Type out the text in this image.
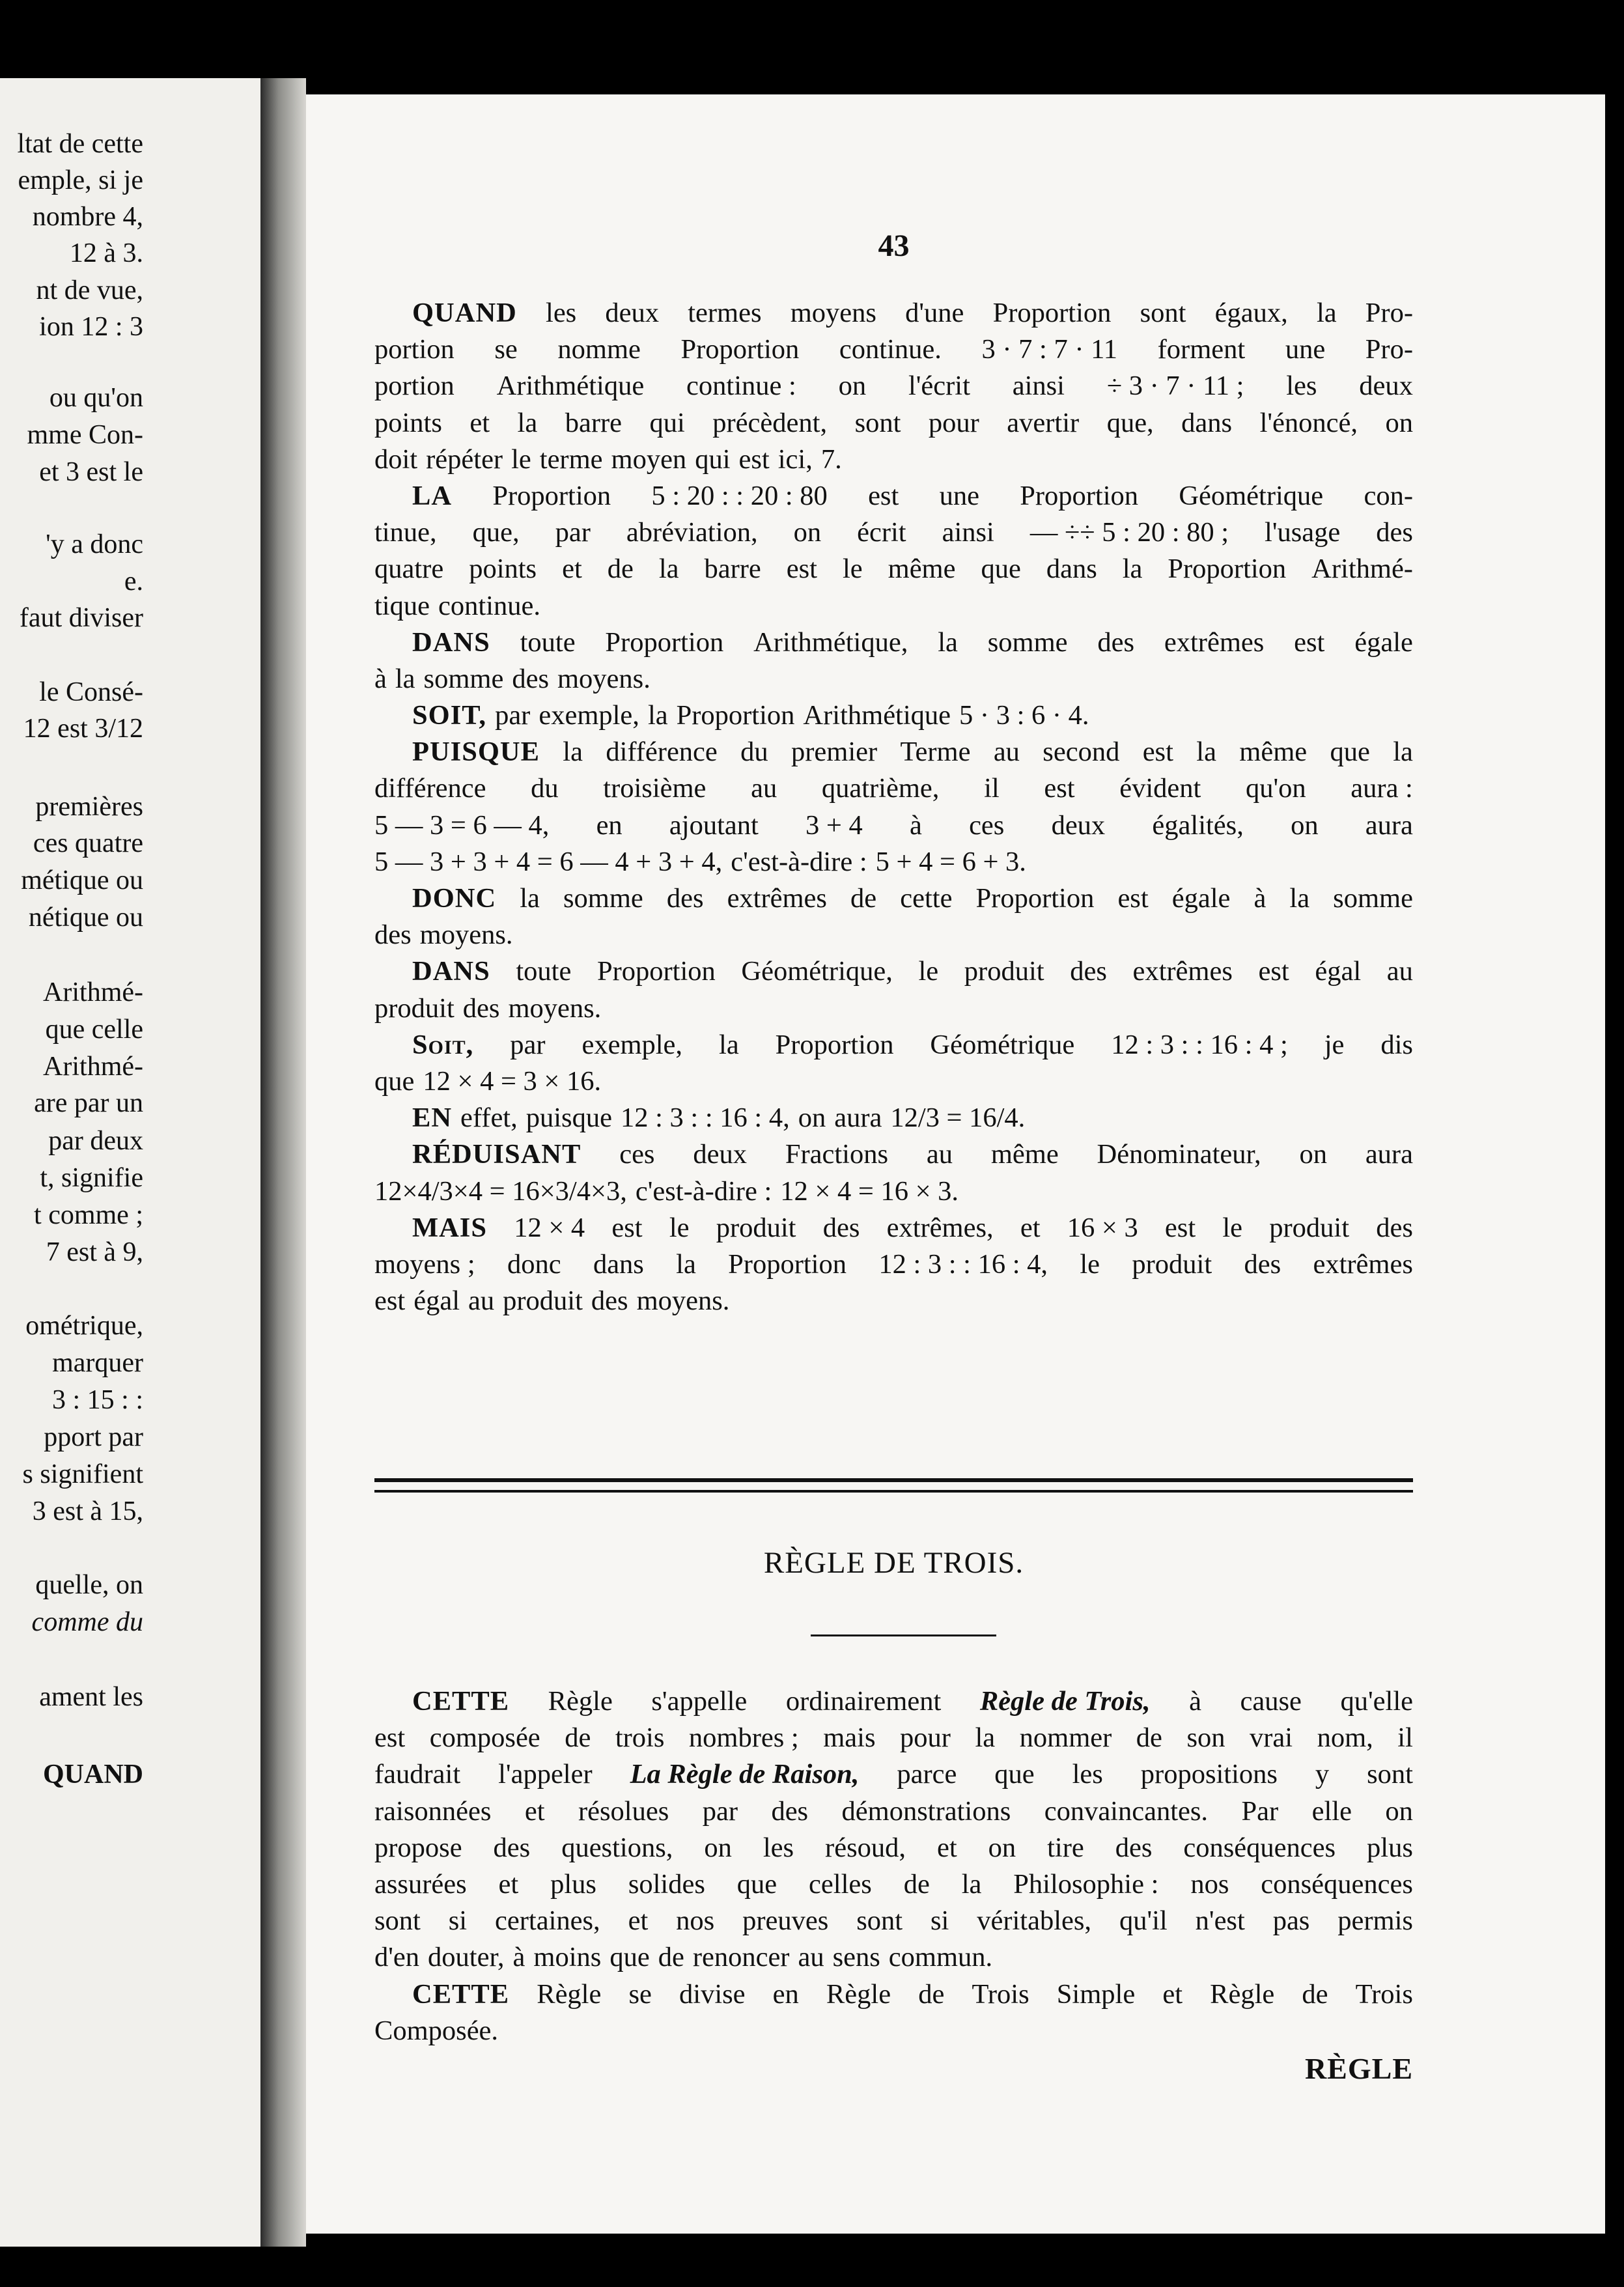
ltat de cette
emple, si je
nombre 4,
12 à 3.
nt de vue,
ion 12 : 3
ou qu'on
mme Con-
et 3 est le
'y a donc
e.
faut diviser
le Consé-
12 est 3/12
premières
ces quatre
métique ou
nétique ou
Arithmé-
que celle
Arithmé-
are par un
par deux
t, signifie
t comme ;
7 est à 9,
ométrique,
marquer
3 : 15 : :
pport par
s signifient
3 est à 15,
quelle, on
comme du
ament les
QUAND
43
QUAND les deux termes moyens d'une Proportion sont égaux, la Pro-
portion se nomme Proportion continue. 3 · 7 : 7 · 11 forment une Pro-
portion Arithmétique continue : on l'écrit ainsi ÷ 3 · 7 · 11 ; les deux
points et la barre qui précèdent, sont pour avertir que, dans l'énoncé, on
doit répéter le terme moyen qui est ici, 7.
LA Proportion 5 : 20 : : 20 : 80 est une Proportion Géométrique con-
tinue, que, par abréviation, on écrit ainsi — ÷÷ 5 : 20 : 80 ; l'usage des
quatre points et de la barre est le même que dans la Proportion Arithmé-
tique continue.
DANS toute Proportion Arithmétique, la somme des extrêmes est égale
à la somme des moyens.
SOIT, par exemple, la Proportion Arithmétique 5 · 3 : 6 · 4.
PUISQUE la différence du premier Terme au second est la même que la
différence du troisième au quatrième, il est évident qu'on aura :
5 — 3 = 6 — 4, en ajoutant 3 + 4 à ces deux égalités, on aura
5 — 3 + 3 + 4 = 6 — 4 + 3 + 4, c'est-à-dire : 5 + 4 = 6 + 3.
DONC la somme des extrêmes de cette Proportion est égale à la somme
des moyens.
DANS toute Proportion Géométrique, le produit des extrêmes est égal au
produit des moyens.
Soit, par exemple, la Proportion Géométrique 12 : 3 : : 16 : 4 ; je dis
que 12 × 4 = 3 × 16.
EN effet, puisque 12 : 3 : : 16 : 4, on aura 12/3 = 16/4.
RÉDUISANT ces deux Fractions au même Dénominateur, on aura
12×4/3×4 = 16×3/4×3, c'est-à-dire : 12 × 4 = 16 × 3.
MAIS 12 × 4 est le produit des extrêmes, et 16 × 3 est le produit des
moyens ; donc dans la Proportion 12 : 3 : : 16 : 4, le produit des extrêmes
est égal au produit des moyens.
RÈGLE DE TROIS.
CETTE Règle s'appelle ordinairement Règle de Trois, à cause qu'elle
est composée de trois nombres ; mais pour la nommer de son vrai nom, il
faudrait l'appeler La Règle de Raison, parce que les propositions y sont
raisonnées et résolues par des démonstrations convaincantes. Par elle on
propose des questions, on les résoud, et on tire des conséquences plus
assurées et plus solides que celles de la Philosophie : nos conséquences
sont si certaines, et nos preuves sont si véritables, qu'il n'est pas permis
d'en douter, à moins que de renoncer au sens commun.
CETTE Règle se divise en Règle de Trois Simple et Règle de Trois
Composée.
RÈGLE
